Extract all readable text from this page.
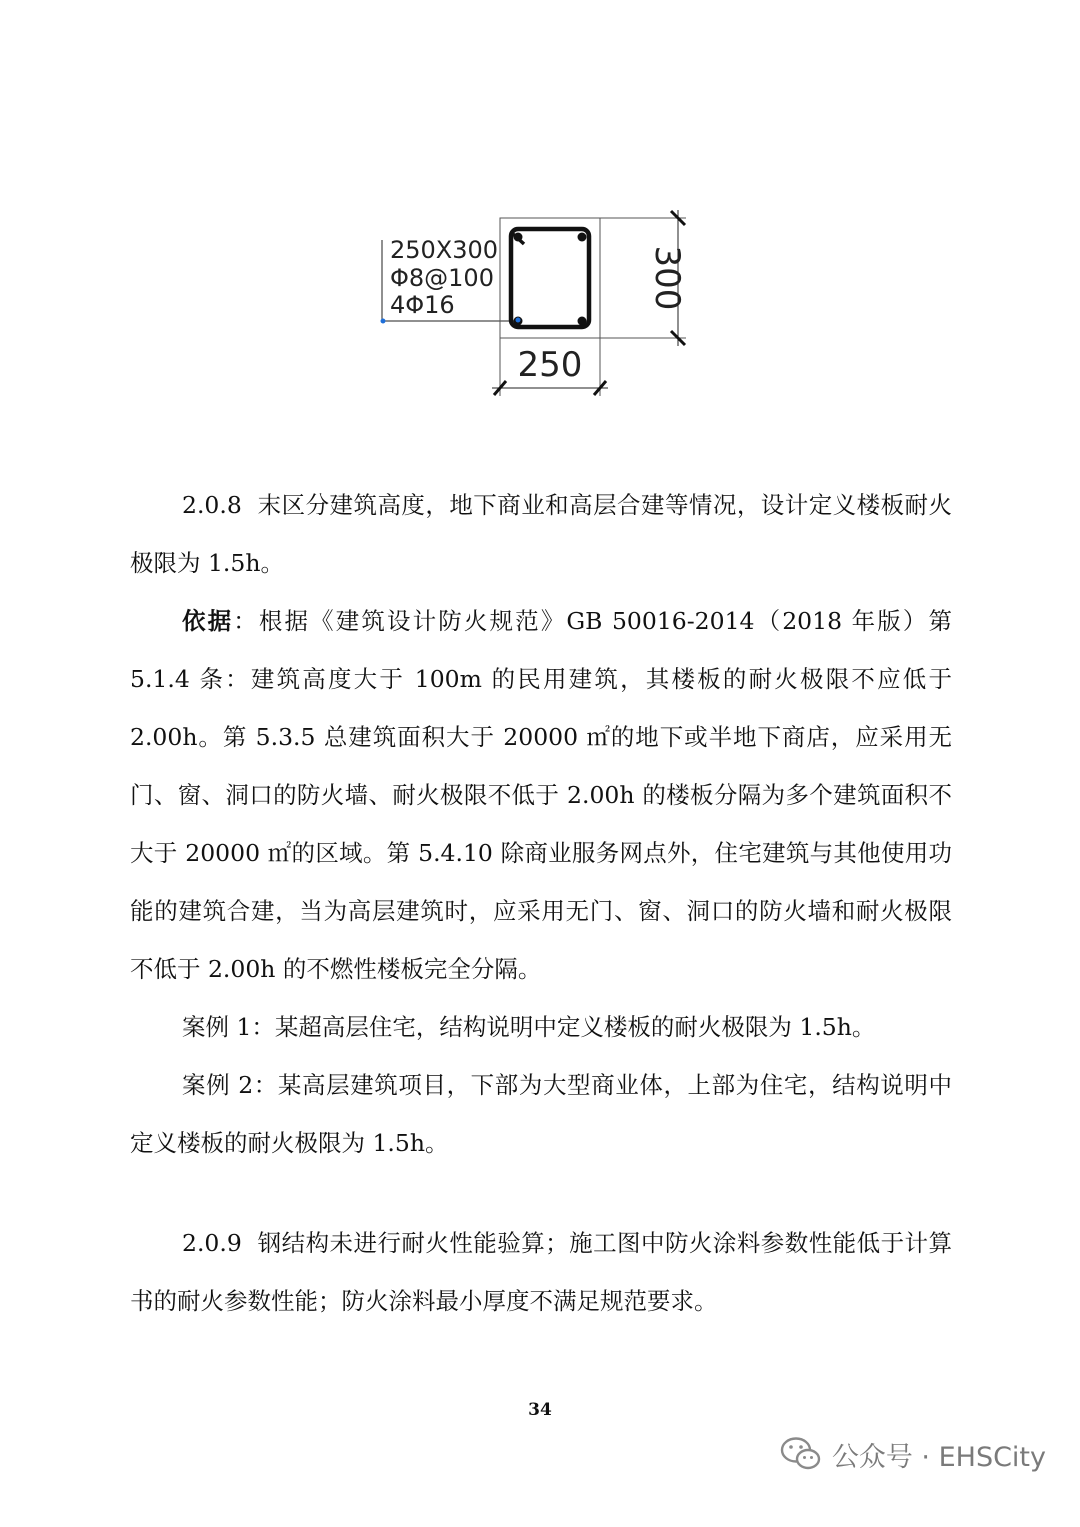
250X300
Φ8@100
4Φ16
250
300

2.0.8 末区分建筑高度，地下商业和高层合建等情况，设计定义楼板耐火极限为 1.5h。

依据：根据《建筑设计防火规范》GB 50016-2014（2018 年版）第 5.1.4 条：建筑高度大于 100m 的民用建筑，其楼板的耐火极限不应低于 2.00h。第 5.3.5 总建筑面积大于 20000 ㎡的地下或半地下商店，应采用无门、窗、洞口的防火墙、耐火极限不低于 2.00h 的楼板分隔为多个建筑面积不大于 20000 ㎡的区域。第 5.4.10 除商业服务网点外，住宅建筑与其他使用功能的建筑合建，当为高层建筑时，应采用无门、窗、洞口的防火墙和耐火极限不低于 2.00h 的不燃性楼板完全分隔。

案例 1：某超高层住宅，结构说明中定义楼板的耐火极限为 1.5h。

案例 2：某高层建筑项目，下部为大型商业体，上部为住宅，结构说明中定义楼板的耐火极限为 1.5h。

2.0.9 钢结构未进行耐火性能验算；施工图中防火涂料参数性能低于计算书的耐火参数性能；防火涂料最小厚度不满足规范要求。

34
公众号 · EHSCity
